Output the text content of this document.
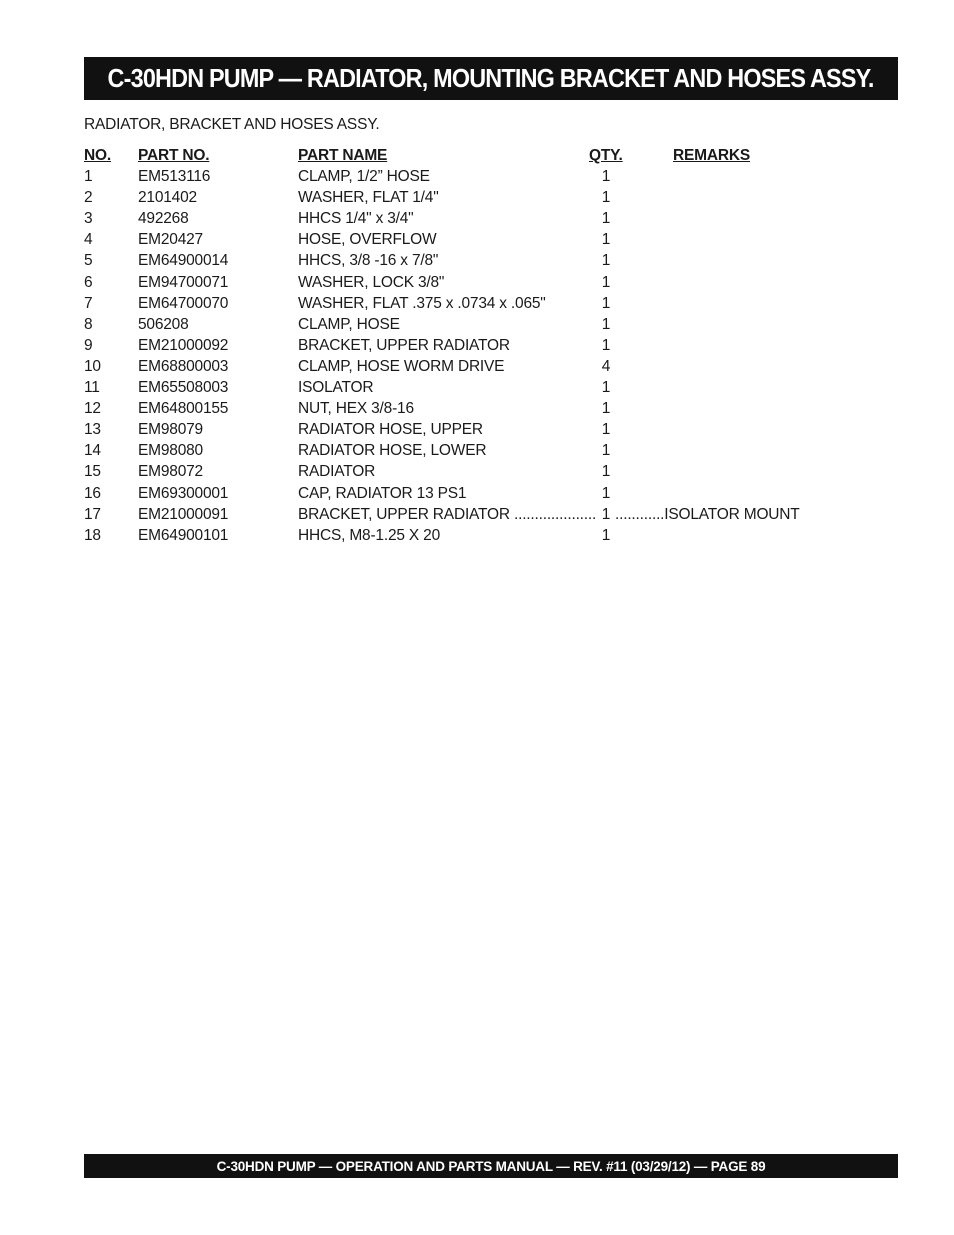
C-30HDN PUMP — RADIATOR, MOUNTING BRACKET AND HOSES ASSY.
RADIATOR, BRACKET AND HOSES ASSY.
NO. PART NO.	PART NAME	QTY.	REMARKS
1	EM513116	CLAMP, 1/2” HOSE	1
2	2101402	WASHER, FLAT 1/4"	1
3	492268	HHCS 1/4" x 3/4"	1
4	EM20427	HOSE, OVERFLOW	1
5	EM64900014	HHCS, 3/8 -16 x 7/8"	1
6	EM94700071	WASHER, LOCK 3/8"	1
7	EM64700070	WASHER, FLAT .375 x .0734 x .065"	1
8	506208	CLAMP, HOSE	1
9	EM21000092	BRACKET, UPPER RADIATOR	1
10 EM68800003	CLAMP, HOSE WORM DRIVE	4
11 EM65508003	ISOLATOR	1
12 EM64800155	NUT, HEX 3/8-16	1
13 EM98079	RADIATOR HOSE, UPPER	1
14 EM98080	RADIATOR HOSE, LOWER	1
15 EM98072	RADIATOR	1
16 EM69300001	CAP, RADIATOR 13 PS1	1
17 EM21000091	BRACKET, UPPER RADIATOR .................... 1 ............ISOLATOR MOUNT
18 EM64900101	HHCS, M8-1.25 X 20	1
C-30HDN PUMP — OPERATION AND PARTS MANUAL — REV. #11 (03/29/12) — PAGE 89
